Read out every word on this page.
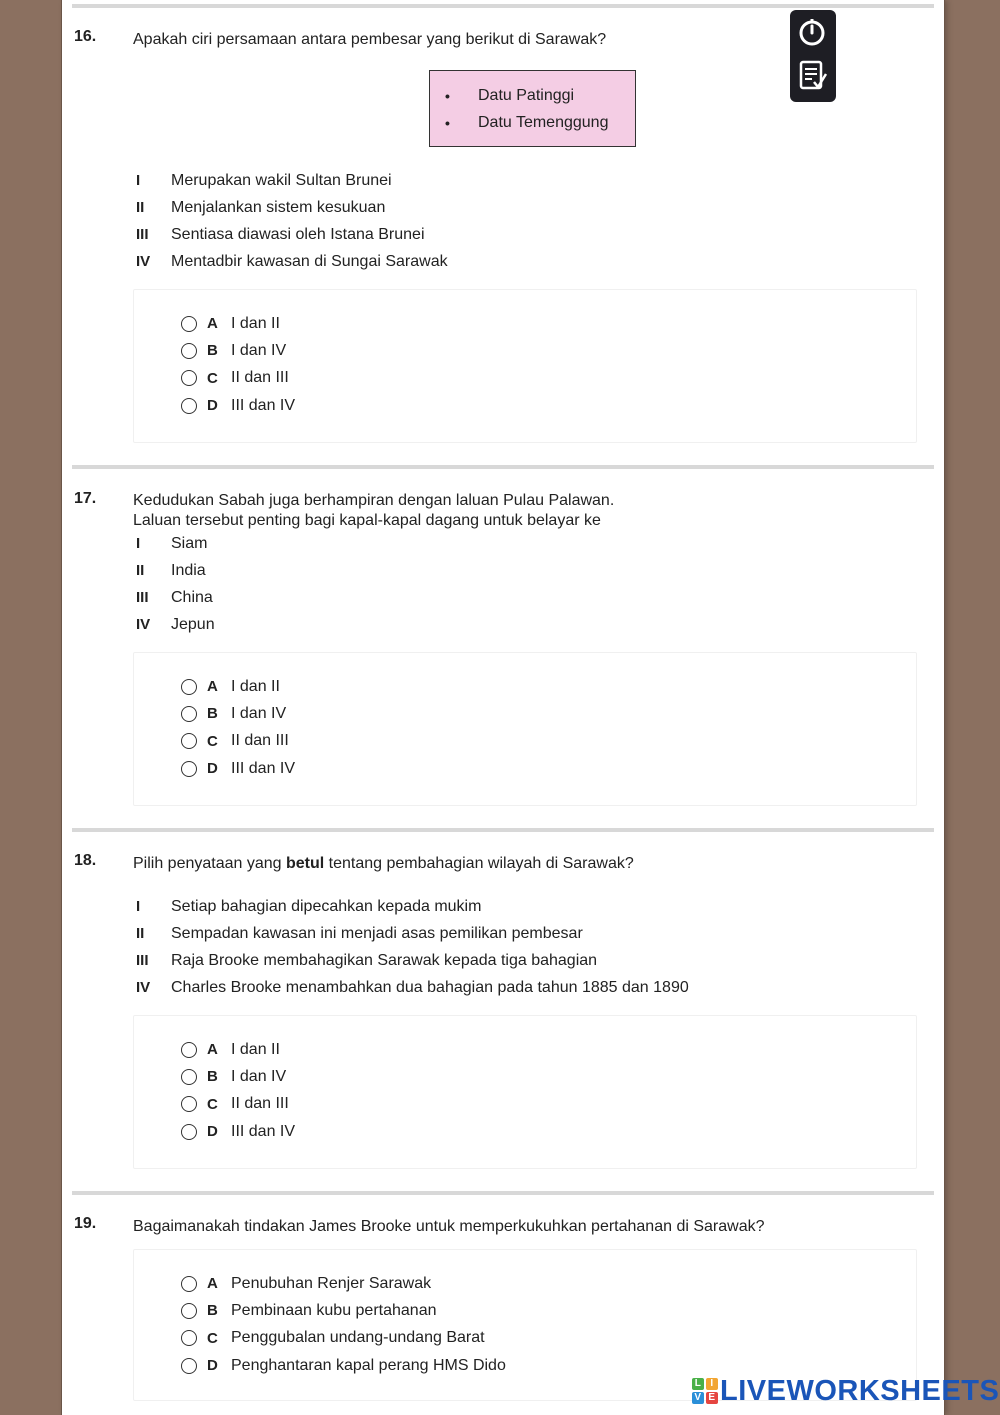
16. Apakah ciri persamaan antara pembesar yang berikut di Sarawak?
• Datu Patinggi
• Datu Temenggung
I	Merupakan wakil Sultan Brunei
II	Menjalankan sistem kesukuan
III	Sentiasa diawasi oleh Istana Brunei
IV	Mentadbir kawasan di Sungai Sarawak
A I dan II
B I dan IV
C II dan III
D III dan IV
17. Kedudukan Sabah juga berhampiran dengan laluan Pulau Palawan.
Laluan tersebut penting bagi kapal-kapal dagang untuk belayar ke
I	Siam
II	India
III	China
IV	Jepun
A I dan II
B I dan IV
C II dan III
D III dan IV
18. Pilih penyataan yang betul tentang pembahagian wilayah di Sarawak?
I	Setiap bahagian dipecahkan kepada mukim
II	Sempadan kawasan ini menjadi asas pemilikan pembesar
III	Raja Brooke membahagikan Sarawak kepada tiga bahagian
IV	Charles Brooke menambahkan dua bahagian pada tahun 1885 dan 1890
A I dan II
B I dan IV
C II dan III
D III dan IV
19. Bagaimanakah tindakan James Brooke untuk memperkukuhkan pertahanan di Sarawak?
A Penubuhan Renjer Sarawak
B Pembinaan kubu pertahanan
C Penggubalan undang-undang Barat
D Penghantaran kapal perang HMS Dido
L I
V E LIVEWORKSHEETS
